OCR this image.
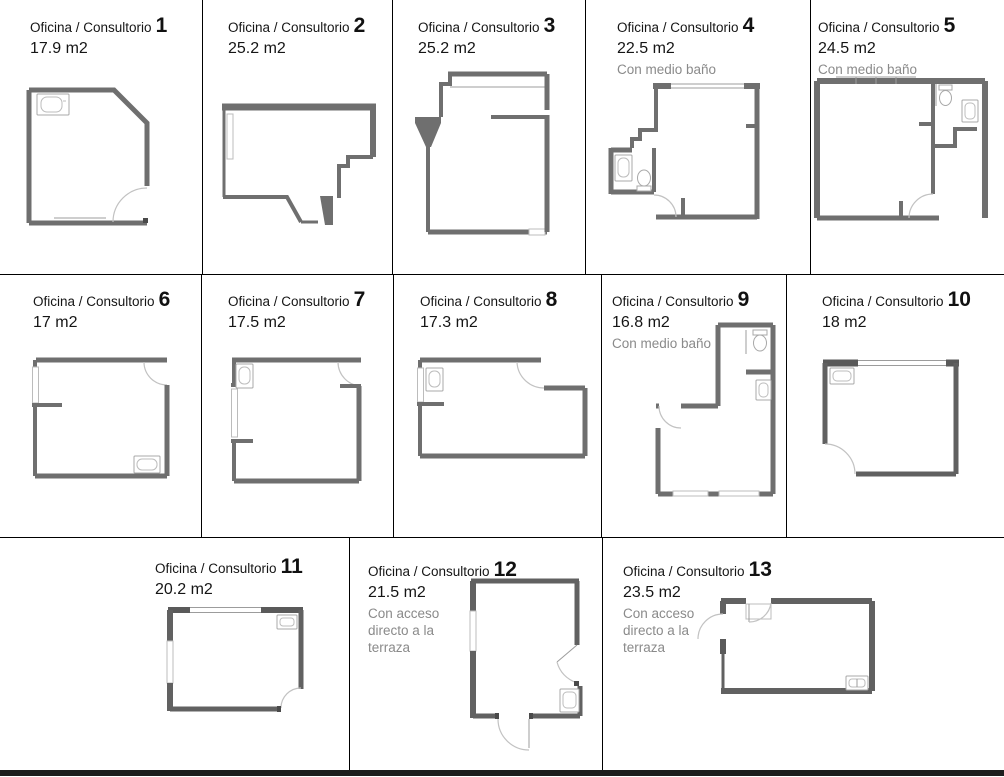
Oficina / Consultorio 1
17.9 m2
Oficina / Consultorio 2
25.2 m2
Oficina / Consultorio 3
25.2 m2
Oficina / Consultorio 4
22.5 m2
Con medio baño
Oficina / Consultorio 5
24.5 m2
Con medio baño
Oficina / Consultorio 6
17 m2
Oficina / Consultorio 7
17.5 m2
Oficina / Consultorio 8
17.3 m2
Oficina / Consultorio 9
16.8 m2
Con medio baño
Oficina / Consultorio 10
18 m2
Oficina / Consultorio 11
20.2 m2
Oficina / Consultorio 12
21.5 m2
Con acceso directo a la terraza
Oficina / Consultorio 13
23.5 m2
Con acceso directo a la terraza
